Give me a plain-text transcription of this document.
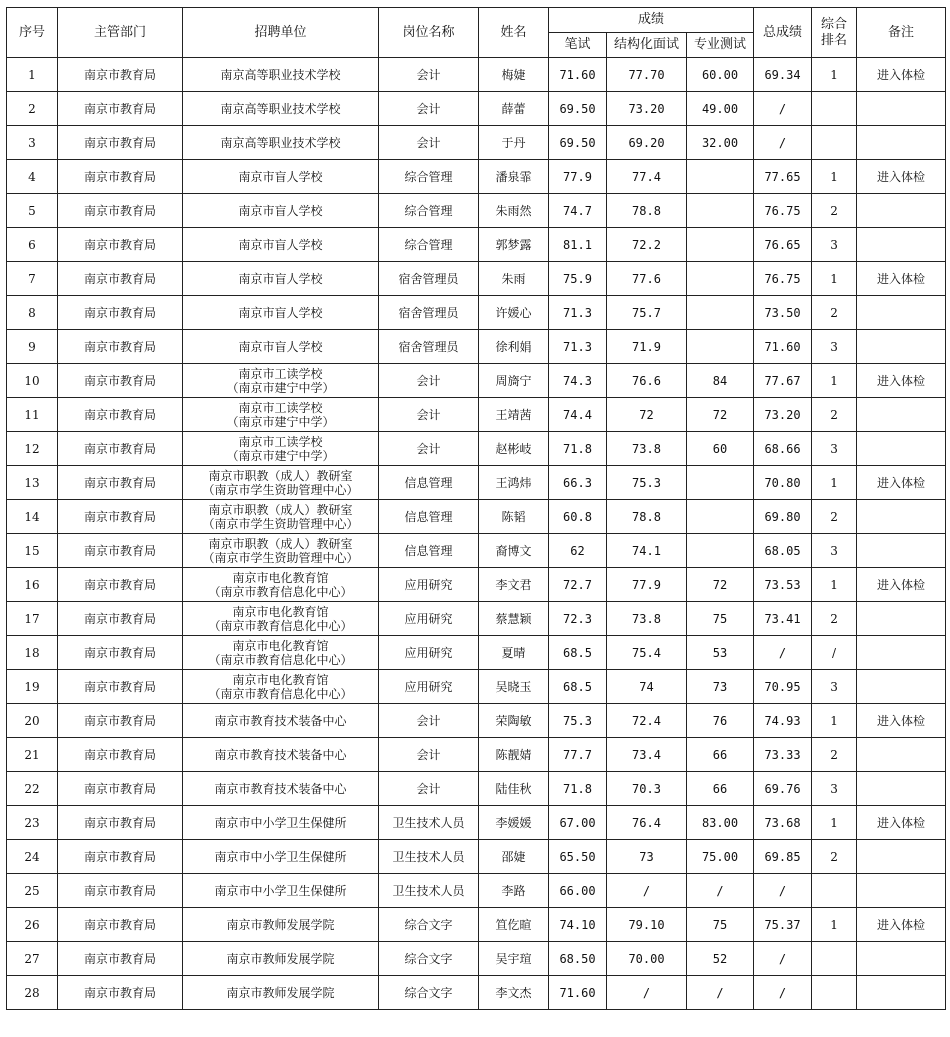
序号	主管部门	招聘单位	岗位名称	姓名	成绩			总成绩	综合排名	备注
					笔试	结构化面试	专业测试			
1	南京市教育局	南京高等职业技术学校	会计	梅婕	71.60	77.70	60.00	69.34	1	进入体检
2	南京市教育局	南京高等职业技术学校	会计	薛蕾	69.50	73.20	49.00	/		
3	南京市教育局	南京高等职业技术学校	会计	于丹	69.50	69.20	32.00	/		
4	南京市教育局	南京市盲人学校	综合管理	潘泉霏	77.9	77.4		77.65	1	进入体检
5	南京市教育局	南京市盲人学校	综合管理	朱雨然	74.7	78.8		76.75	2	
6	南京市教育局	南京市盲人学校	综合管理	郭梦露	81.1	72.2		76.65	3	
7	南京市教育局	南京市盲人学校	宿舍管理员	朱雨	75.9	77.6		76.75	1	进入体检
8	南京市教育局	南京市盲人学校	宿舍管理员	许媛心	71.3	75.7		73.50	2	
9	南京市教育局	南京市盲人学校	宿舍管理员	徐利娟	71.3	71.9		71.60	3	
10	南京市教育局	南京市工读学校
（南京市建宁中学）	会计	周旖宁	74.3	76.6	84	77.67	1	进入体检
11	南京市教育局	南京市工读学校
（南京市建宁中学）	会计	王靖茜	74.4	72	72	73.20	2	
12	南京市教育局	南京市工读学校
（南京市建宁中学）	会计	赵彬岐	71.8	73.8	60	68.66	3	
13	南京市教育局	南京市职教（成人）教研室
（南京市学生资助管理中心）	信息管理	王鸿炜	66.3	75.3		70.80	1	进入体检
14	南京市教育局	南京市职教（成人）教研室
（南京市学生资助管理中心）	信息管理	陈韬	60.8	78.8		69.80	2	
15	南京市教育局	南京市职教（成人）教研室
（南京市学生资助管理中心）	信息管理	裔博文	62	74.1		68.05	3	
16	南京市教育局	南京市电化教育馆
（南京市教育信息化中心）	应用研究	李文君	72.7	77.9	72	73.53	1	进入体检
17	南京市教育局	南京市电化教育馆
（南京市教育信息化中心）	应用研究	蔡慧颖	72.3	73.8	75	73.41	2	
18	南京市教育局	南京市电化教育馆
（南京市教育信息化中心）	应用研究	夏晴	68.5	75.4	53	/	/	
19	南京市教育局	南京市电化教育馆
（南京市教育信息化中心）	应用研究	吴晓玉	68.5	74	73	70.95	3	
20	南京市教育局	南京市教育技术装备中心	会计	荣陶敏	75.3	72.4	76	74.93	1	进入体检
21	南京市教育局	南京市教育技术装备中心	会计	陈靓婧	77.7	73.4	66	73.33	2	
22	南京市教育局	南京市教育技术装备中心	会计	陆佳秋	71.8	70.3	66	69.76	3	
23	南京市教育局	南京市中小学卫生保健所	卫生技术人员	李媛媛	67.00	76.4	83.00	73.68	1	进入体检
24	南京市教育局	南京市中小学卫生保健所	卫生技术人员	邵婕	65.50	73	75.00	69.85	2	
25	南京市教育局	南京市中小学卫生保健所	卫生技术人员	李路	66.00	/	/	/		
26	南京市教育局	南京市教师发展学院	综合文字	笪仡暄	74.10	79.10	75	75.37	1	进入体检
27	南京市教育局	南京市教师发展学院	综合文字	吴宇瑄	68.50	70.00	52	/		
28	南京市教育局	南京市教师发展学院	综合文字	李文杰	71.60	/	/	/		
